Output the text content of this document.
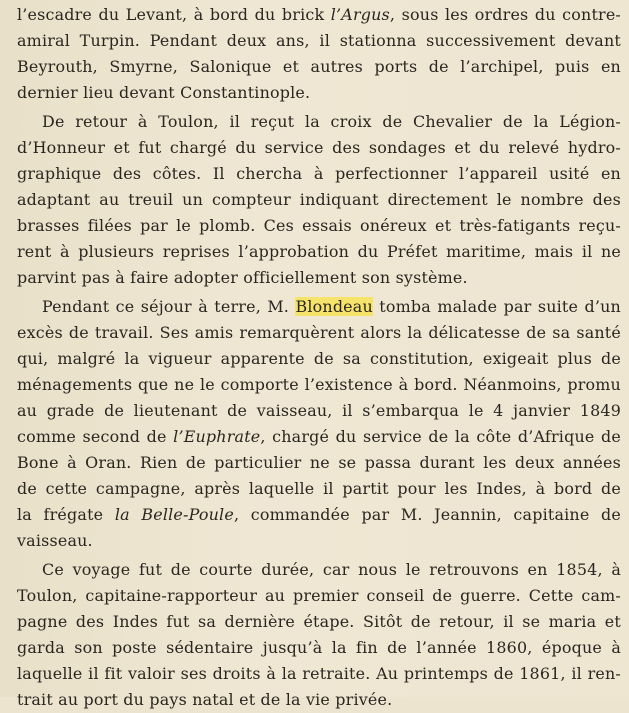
l’escadre du Levant, à bord du brick l’Argus, sous les ordres du contre-
amiral Turpin. Pendant deux ans, il stationna successivement devant
Beyrouth, Smyrne, Salonique et autres ports de l’archipel, puis en
dernier lieu devant Constantinople.
De retour à Toulon, il reçut la croix de Chevalier de la Légion-
d’Honneur et fut chargé du service des sondages et du relevé hydro-
graphique des côtes. Il chercha à perfectionner l’appareil usité en
adaptant au treuil un compteur indiquant directement le nombre des
brasses filées par le plomb. Ces essais onéreux et très-fatigants reçu-
rent à plusieurs reprises l’approbation du Préfet maritime, mais il ne
parvint pas à faire adopter officiellement son système.
Pendant ce séjour à terre, M. Blondeau tomba malade par suite d’un
excès de travail. Ses amis remarquèrent alors la délicatesse de sa santé
qui, malgré la vigueur apparente de sa constitution, exigeait plus de
ménagements que ne le comporte l’existence à bord. Néanmoins, promu
au grade de lieutenant de vaisseau, il s’embarqua le 4 janvier 1849
comme second de l’Euphrate, chargé du service de la côte d’Afrique de
Bone à Oran. Rien de particulier ne se passa durant les deux années
de cette campagne, après laquelle il partit pour les Indes, à bord de
la frégate la Belle-Poule, commandée par M. Jeannin, capitaine de
vaisseau.
Ce voyage fut de courte durée, car nous le retrouvons en 1854, à
Toulon, capitaine-rapporteur au premier conseil de guerre. Cette cam-
pagne des Indes fut sa dernière étape. Sitôt de retour, il se maria et
garda son poste sédentaire jusqu’à la fin de l’année 1860, époque à
laquelle il fit valoir ses droits à la retraite. Au printemps de 1861, il ren-
trait au port du pays natal et de la vie privée.
